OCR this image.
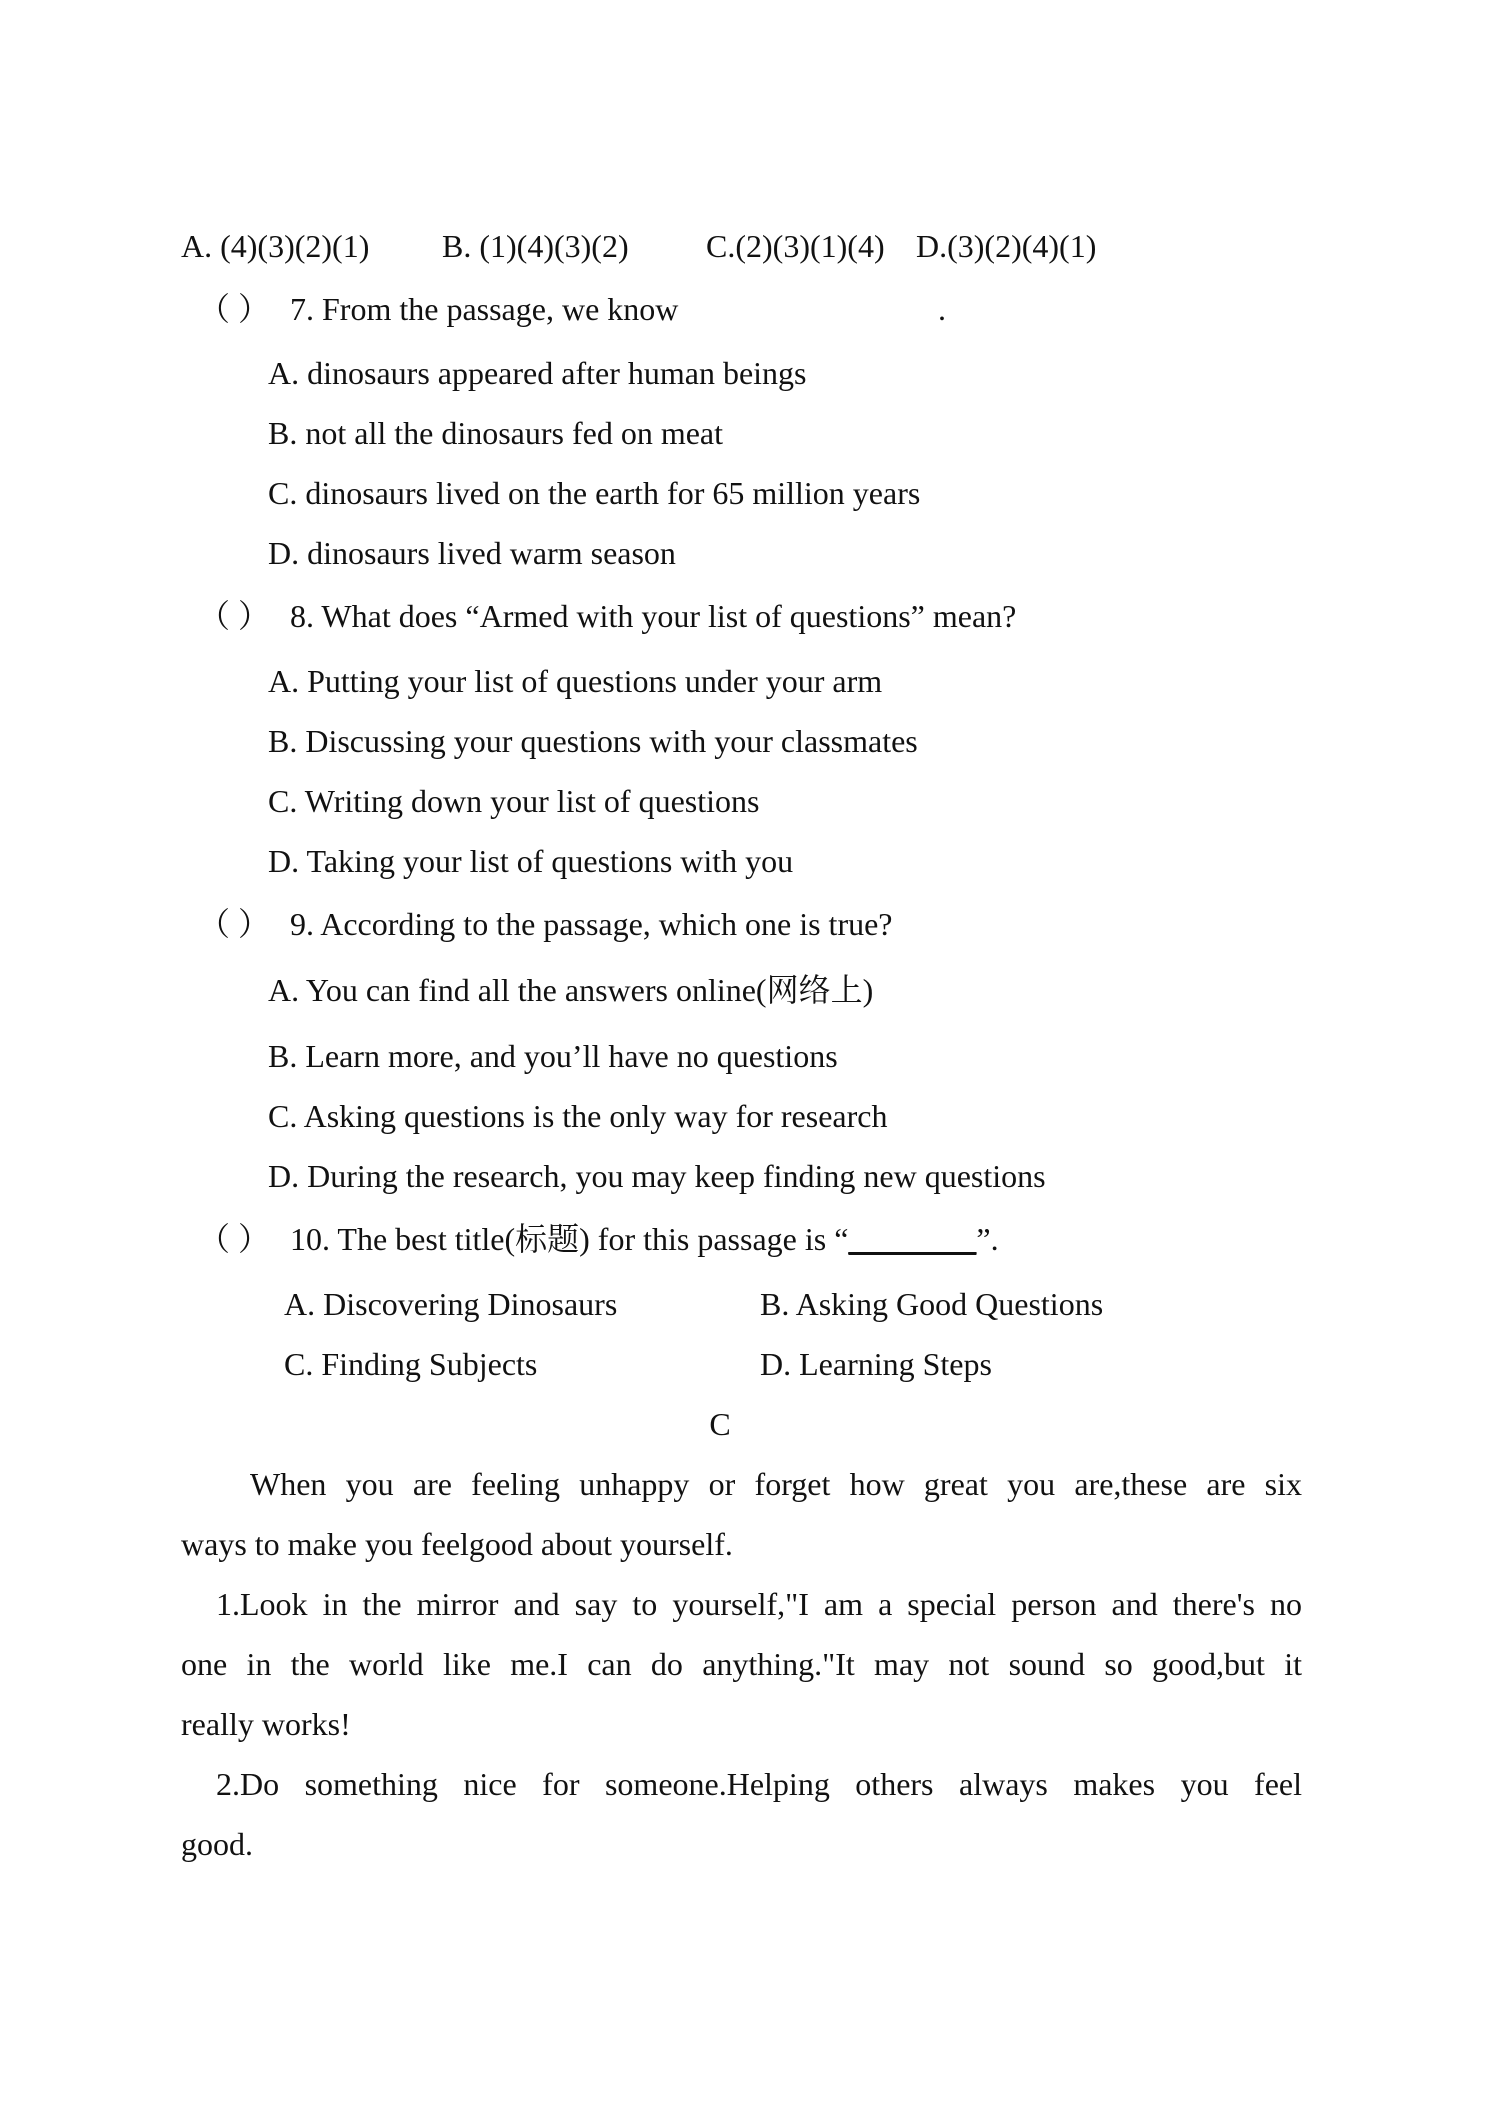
A. (4)(3)(2)(1) B. (1)(4)(3)(2) C.(2)(3)(1)(4) D.(3)(2)(4)(1)
（ ） 7. From the passage, we know	.
A. dinosaurs appeared after human beings
B. not all the dinosaurs fed on meat
C. dinosaurs lived on the earth for 65 million years
D. dinosaurs lived warm season
（ ） 8. What does “Armed with your list of questions” mean?
A. Putting your list of questions under your arm
B. Discussing your questions with your classmates
C. Writing down your list of questions
D. Taking your list of questions with you
（ ） 9. According to the passage, which one is true?
A. You can find all the answers online(网络上)
B. Learn more, and you’ll have no questions
C. Asking questions is the only way for research
D. During the research, you may keep finding new questions
（ ） 10. The best title(标题) for this passage is “________”.
A. Discovering Dinosaurs	B. Asking Good Questions
C. Finding Subjects	D. Learning Steps
C
When you are feeling unhappy or forget how great you are,these are six
ways to make you feelgood about yourself.
1.Look in the mirror and say to yourself,"I am a special person and there's no
one in the world like me.I can do anything."It may not sound so good,but it
really works!
2.Do something nice for someone.Helping others always makes you feel
good.
